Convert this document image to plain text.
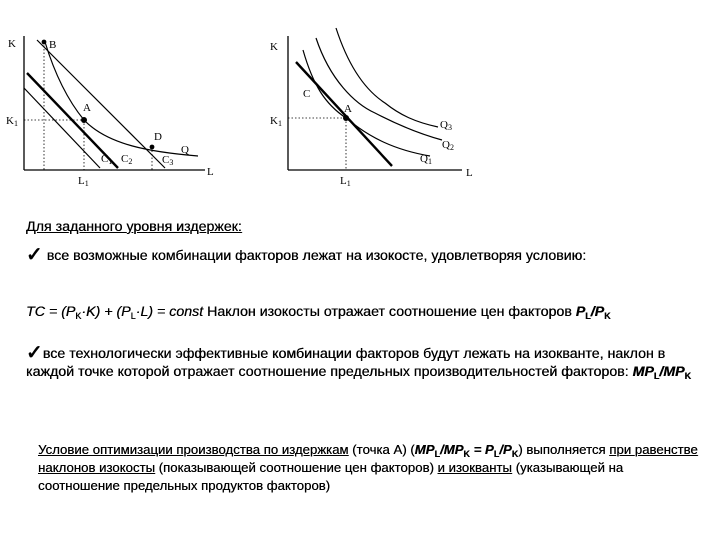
K
L
B
A
D
Q
K1
L1
C1 C2	C3
K
L
C
A
K1
L1
Q1
Q2
Q3
Для заданного уровня издержек:
✓ все возможные комбинации факторов лежат на изокосте, удовлетворяя условию:
TC = $(P_K\cdot K) + (P_L\cdot L)$ = const Наклон изокосты отражает соотношение цен факторов $P_L/P_K$
✓все технологически эффективные комбинации факторов будут лежать на изокванте, наклон в каждой точке которой отражает соотношение предельных производительностей факторов: $MP_L/MP_K$
Условие оптимизации производства по издержкам (точка А) $(MP_L/MP_K = P_L/P_K)$ выполняется при равенстве наклонов изокосты (показывающей соотношение цен факторов) и изокванты (указывающей на соотношение предельных продуктов факторов)
